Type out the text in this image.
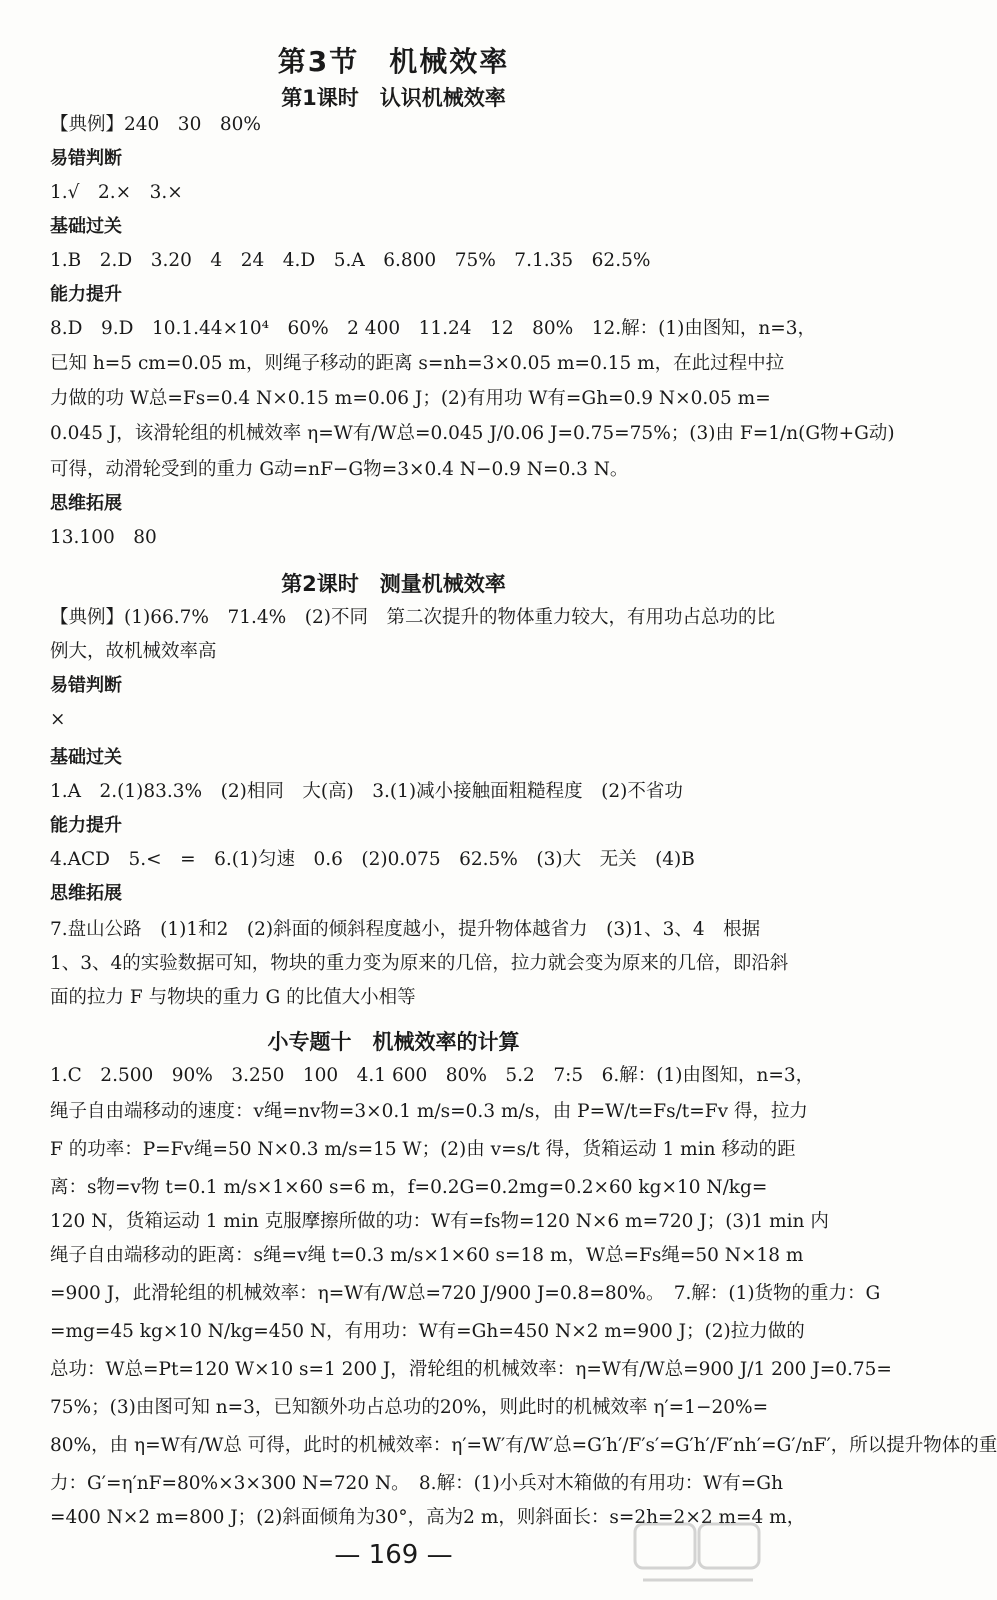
第3节　机械效率
第1课时　认识机械效率
【典例】240　30　80%
易错判断
1.√　2.×　3.×
基础过关
1.B　2.D　3.20　4　24　4.D　5.A　6.800　75%　7.1.35　62.5%
能力提升
8.D　9.D　10.1.44×10⁴　60%　2 400　11.24　12　80%　12.解：(1)由图知，n=3，
已知 h=5 cm=0.05 m，则绳子移动的距离 s=nh=3×0.05 m=0.15 m，在此过程中拉
力做的功 W总=Fs=0.4 N×0.15 m=0.06 J；(2)有用功 W有=Gh=0.9 N×0.05 m=
0.045 J，该滑轮组的机械效率 η=W有/W总=0.045 J/0.06 J=0.75=75%；(3)由 F=1/n(G物+G动)
可得，动滑轮受到的重力 G动=nF−G物=3×0.4 N−0.9 N=0.3 N。
思维拓展
13.100　80
第2课时　测量机械效率
【典例】(1)66.7%　71.4%　(2)不同　第二次提升的物体重力较大，有用功占总功的比
例大，故机械效率高
易错判断
×
基础过关
1.A　2.(1)83.3%　(2)相同　大(高)　3.(1)减小接触面粗糙程度　(2)不省功
能力提升
4.ACD　5.<　=　6.(1)匀速　0.6　(2)0.075　62.5%　(3)大　无关　(4)B
思维拓展
7.盘山公路　(1)1和2　(2)斜面的倾斜程度越小，提升物体越省力　(3)1、3、4　根据
1、3、4的实验数据可知，物块的重力变为原来的几倍，拉力就会变为原来的几倍，即沿斜
面的拉力 F 与物块的重力 G 的比值大小相等
小专题十　机械效率的计算
1.C　2.500　90%　3.250　100　4.1 600　80%　5.2　7:5　6.解：(1)由图知，n=3，
绳子自由端移动的速度：v绳=nv物=3×0.1 m/s=0.3 m/s，由 P=W/t=Fs/t=Fv 得，拉力
F 的功率：P=Fv绳=50 N×0.3 m/s=15 W；(2)由 v=s/t 得，货箱运动 1 min 移动的距
离：s物=v物 t=0.1 m/s×1×60 s=6 m，f=0.2G=0.2mg=0.2×60 kg×10 N/kg=
120 N，货箱运动 1 min 克服摩擦所做的功：W有=fs物=120 N×6 m=720 J；(3)1 min 内
绳子自由端移动的距离：s绳=v绳 t=0.3 m/s×1×60 s=18 m，W总=Fs绳=50 N×18 m
=900 J，此滑轮组的机械效率：η=W有/W总=720 J/900 J=0.8=80%。　7.解：(1)货物的重力：G
=mg=45 kg×10 N/kg=450 N，有用功：W有=Gh=450 N×2 m=900 J；(2)拉力做的
总功：W总=Pt=120 W×10 s=1 200 J，滑轮组的机械效率：η=W有/W总=900 J/1 200 J=0.75=
75%；(3)由图可知 n=3，已知额外功占总功的20%，则此时的机械效率 η′=1−20%=
80%，由 η=W有/W总 可得，此时的机械效率：η′=W′有/W′总=G′h′/F′s′=G′h′/F′nh′=G′/nF′，所以提升物体的重
力：G′=η′nF=80%×3×300 N=720 N。　8.解：(1)小兵对木箱做的有用功：W有=Gh
=400 N×2 m=800 J；(2)斜面倾角为30°，高为2 m，则斜面长：s=2h=2×2 m=4 m，
— 169 —
